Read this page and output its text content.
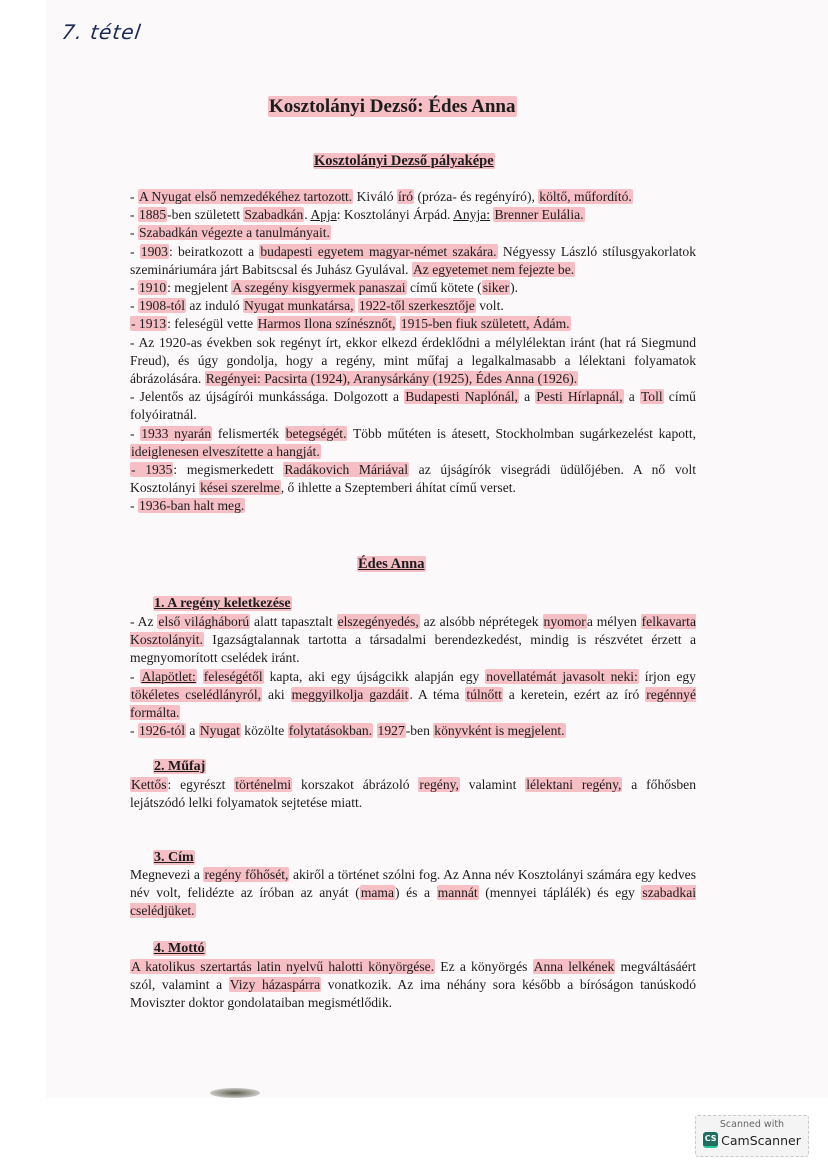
7. tétel
Kosztolányi Dezső: Édes Anna
Kosztolányi Dezső pályaképe

- A Nyugat első nemzedékéhez tartozott. Kiváló író (próza- és regényíró), költő, műfordító.

- 1885-ben született Szabadkán. Apja: Kosztolányi Árpád. Anyja: Brenner Eulália.

- Szabadkán végezte a tanulmányait.

- 1903: beiratkozott a budapesti egyetem magyar-német szakára. Négyessy László stílusgyakorlatok szemináriumára járt Babitscsal és Juhász Gyulával. Az egyetemet nem fejezte be.

- 1910: megjelent A szegény kisgyermek panaszai című kötete (siker).

- 1908-tól az induló Nyugat munkatársa, 1922-től szerkesztője volt.

- 1913: feleségül vette Harmos Ilona színésznőt, 1915-ben fiuk született, Ádám.

- Az 1920-as években sok regényt írt, ekkor elkezd érdeklődni a mélylélektan iránt (hat rá Siegmund Freud), és úgy gondolja, hogy a regény, mint műfaj a legalkalmasabb a lélektani folyamatok ábrázolására. Regényei: Pacsirta (1924), Aranysárkány (1925), Édes Anna (1926).

- Jelentős az újságírói munkássága. Dolgozott a Budapesti Naplónál, a Pesti Hírlapnál, a Toll című folyóiratnál.

- 1933 nyarán felismerték betegségét. Több műtéten is átesett, Stockholmban sugárkezelést kapott, ideiglenesen elveszítette a hangját.

- 1935: megismerkedett Radákovich Máriával az újságírók visegrádi üdülőjében. A nő volt Kosztolányi kései szerelme, ő ihlette a Szeptemberi áhítat című verset.

- 1936-ban halt meg.

Édes Anna
1. A regény keletkezése

- Az első világháború alatt tapasztalt elszegényedés, az alsóbb néprétegek nyomora mélyen felkavarta Kosztolányit. Igazságtalannak tartotta a társadalmi berendezkedést, mindig is részvétet érzett a megnyomorított cselédek iránt.

- Alapötlet: feleségétől kapta, aki egy újságcikk alapján egy novellatémát javasolt neki: írjon egy tökéletes cselédlányról, aki meggyilkolja gazdáit. A téma túlnőtt a keretein, ezért az író regénnyé formálta.

- 1926-tól a Nyugat közölte folytatásokban. 1927-ben könyvként is megjelent.

2. Műfaj

Kettős: egyrészt történelmi korszakot ábrázoló regény, valamint lélektani regény, a főhősben lejátszódó lelki folyamatok sejtetése miatt.

3. Cím

Megnevezi a regény főhősét, akiről a történet szólni fog. Az Anna név Kosztolányi számára egy kedves név volt, felidézte az íróban az anyát (mama) és a mannát (mennyei táplálék) és egy szabadkai cselédjüket.

4. Mottó

A katolikus szertartás latin nyelvű halotti könyörgése. Ez a könyörgés Anna lelkének megváltásáért szól, valamint a Vizy házaspárra vonatkozik. Az ima néhány sora később a bíróságon tanúskodó Moviszter doktor gondolataiban megismétlődik.

Scanned with
CS CamScanner
